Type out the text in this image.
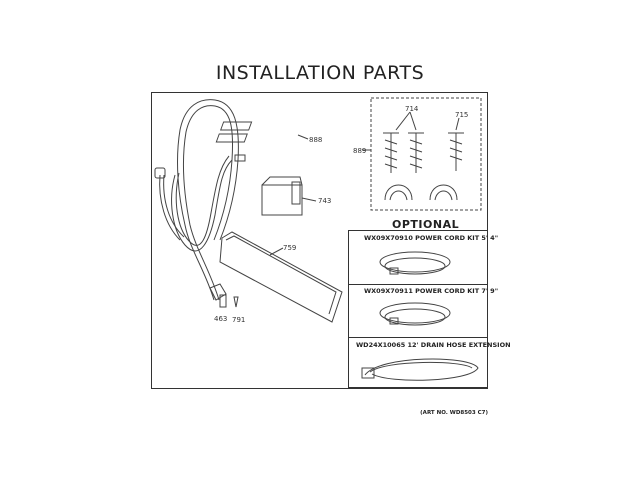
INSTALLATION PARTS
714
715
889
888
743
759
463 791
OPTIONAL
WX09X70910 POWER CORD KIT 5' 4"
WX09X70911 POWER CORD KIT 7' 9"
WD24X10065 12' DRAIN HOSE EXTENSION
(ART NO. WD8503 C7)
